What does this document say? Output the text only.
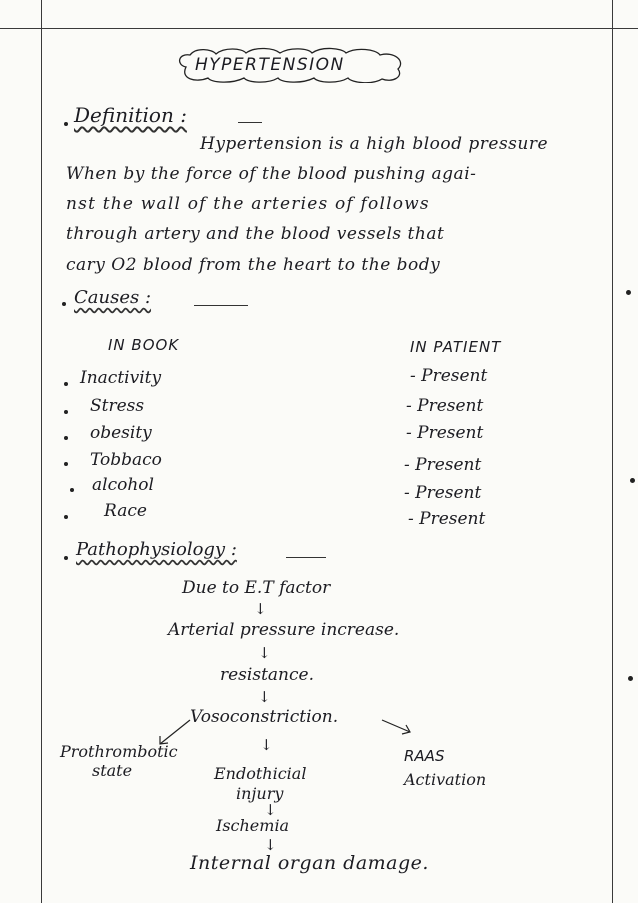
HYPERTENSION
Definition :
Hypertension is a high blood pressure
When by the force of the blood pushing agai-
nst the wall of the arteries of follows
through artery and the blood vessels that
cary O2 blood from the heart to the body
Causes :
IN BOOK	IN PATIENT
Inactivity	- Present
Stress	- Present
obesity	- Present
Tobbaco	- Present
alcohol	- Present
Race	- Present
Pathophysiology :
Due to E.T factor
↓
Arterial pressure increase.
↓
resistance.
↓
Vosoconstriction.
↓
Prothrombotic
state	Endothicial
injury
RAAS
Activation
↓
Ischemia
↓
Internal organ damage.
